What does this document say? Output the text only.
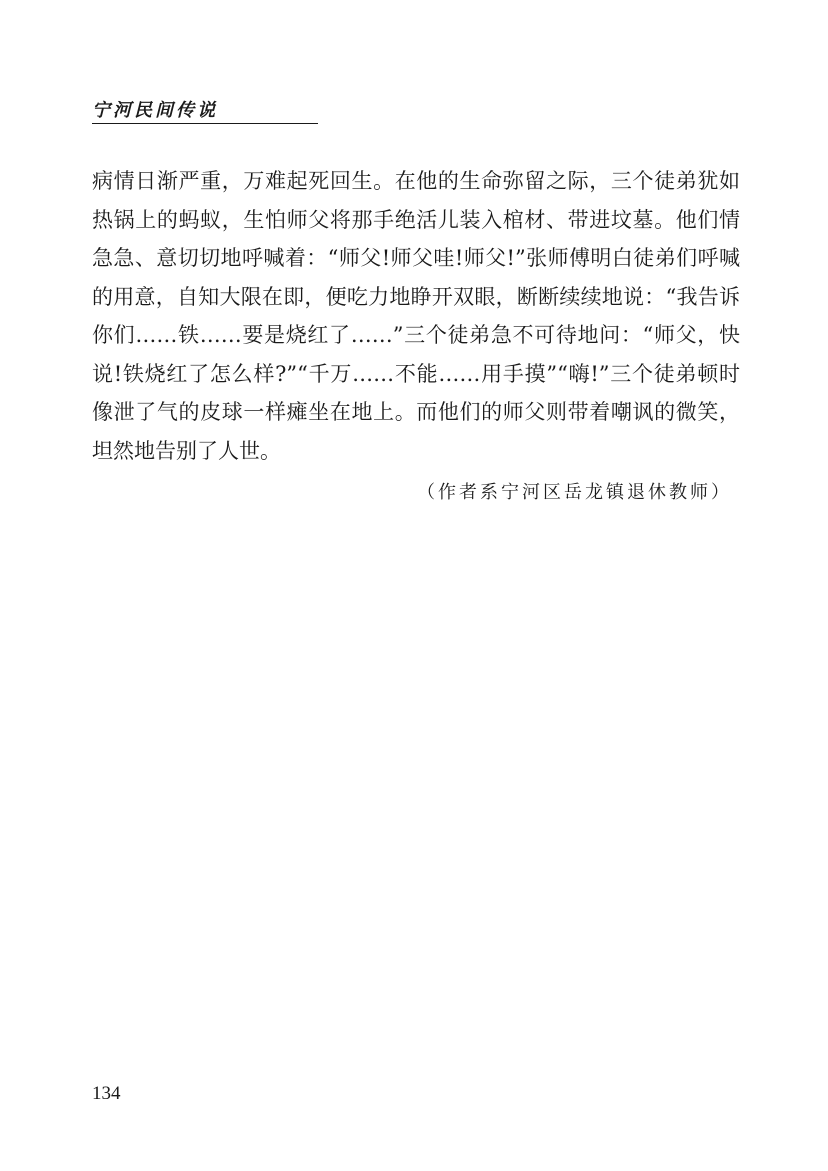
宁河民间传说

病情日渐严重，万难起死回生。在他的生命弥留之际，三个徒弟犹如热锅上的蚂蚁，生怕师父将那手绝活儿装入棺材、带进坟墓。他们情急急、意切切地呼喊着：“师父!师父哇!师父!”张师傅明白徒弟们呼喊的用意，自知大限在即，便吃力地睁开双眼，断断续续地说：“我告诉你们……铁……要是烧红了……”三个徒弟急不可待地问：“师父，快说!铁烧红了怎么样?”“千万……不能……用手摸”“嗨!”三个徒弟顿时像泄了气的皮球一样瘫坐在地上。而他们的师父则带着嘲讽的微笑，坦然地告别了人世。

（作者系宁河区岳龙镇退休教师）
134
